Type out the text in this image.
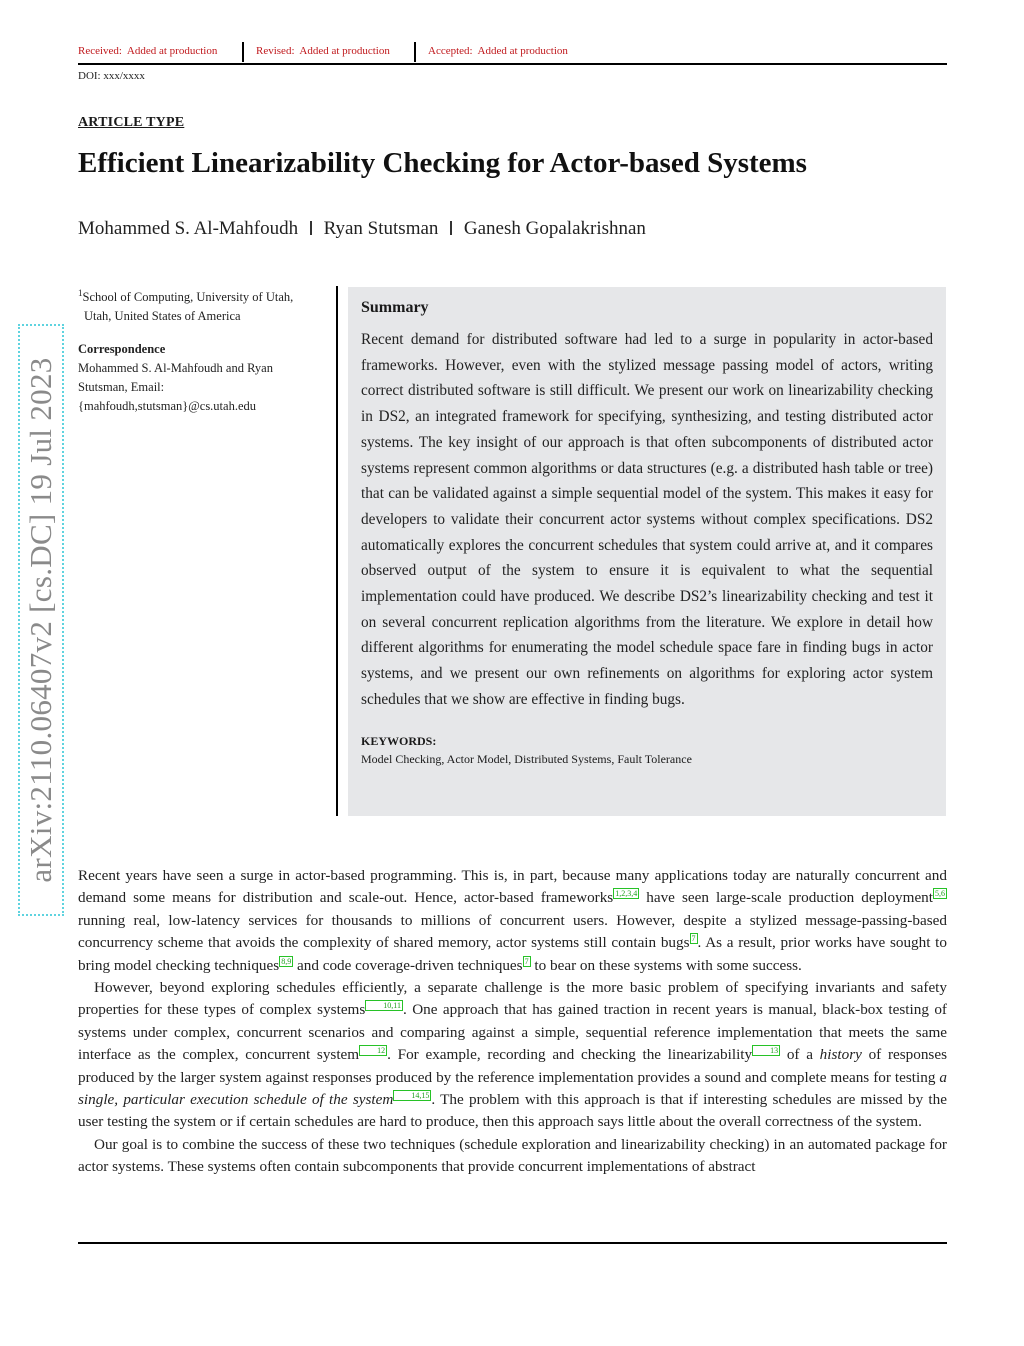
Received: Added at production	Revised: Added at production	Accepted: Added at production
DOI: xxx/xxxx
ARTICLE TYPE
Efficient Linearizability Checking for Actor-based Systems
Mohammed S. Al-Mahfoudh Ryan Stutsman Ganesh Gopalakrishnan
$^1$School of Computing, University of Utah,
Utah, United States of America
Correspondence
Mohammed S. Al-Mahfoudh and Ryan
Stutsman, Email:
{mahfoudh,stutsman}@cs.utah.edu
Summary

Recent demand for distributed software had led to a surge in popularity in actor-based frameworks. However, even with the stylized message passing model of actors, writing correct distributed software is still difficult. We present our work on linearizability checking in DS2, an integrated framework for specifying, synthesizing, and testing distributed actor systems. The key insight of our approach is that often subcomponents of distributed actor systems represent common algorithms or data structures (e.g. a distributed hash table or tree) that can be validated against a simple sequential model of the system. This makes it easy for developers to validate their concurrent actor systems without complex specifications. DS2 automatically explores the concurrent schedules that system could arrive at, and it compares observed output of the system to ensure it is equivalent to what the sequential implementation could have produced. We describe DS2’s linearizability checking and test it on several concurrent replication algorithms from the literature. We explore in detail how different algorithms for enumerating the model schedule space fare in finding bugs in actor systems, and we present our own refinements on algorithms for exploring actor system schedules that we show are effective in finding bugs.

KEYWORDS:
Model Checking, Actor Model, Distributed Systems, Fault Tolerance
arXiv:2110.06407v2 [cs.DC] 19 Jul 2023 Recent years have seen a surge in actor-based programming. This is, in part, because many applications today are naturally concurrent and demand some means for distribution and scale-out. Hence, actor-based frameworks 1,2,3,4 have seen large-scale production deployment 5,6 running real, low-latency services for thousands to millions of concurrent users. However, despite a stylized message-passing-based concurrency scheme that avoids the complexity of shared memory, actor systems still contain bugs 7 . As a result, prior works have sought to bring model checking techniques 8,9 and code coverage-driven techniques 7 to bear on these systems with some success.

However, beyond exploring schedules efficiently, a separate challenge is the more basic problem of specifying invariants and safety properties for these types of complex systems 10,11 . One approach that has gained traction in recent years is manual, black-box testing of systems under complex, concurrent scenarios and comparing against a simple, sequential reference implementation that meets the same interface as the complex, concurrent system 12 . For example, recording and checking the linearizability 13 of a history of responses produced by the larger system against responses produced by the reference implementation provides a sound and complete means for testing a single, particular execution schedule of the system 14,15 . The problem with this approach is that if interesting schedules are missed by the user testing the system or if certain schedules are hard to produce, then this approach says little about the overall correctness of the system.

Our goal is to combine the success of these two techniques (schedule exploration and linearizability checking) in an automated package for actor systems. These systems often contain subcomponents that provide concurrent implementations of abstract
